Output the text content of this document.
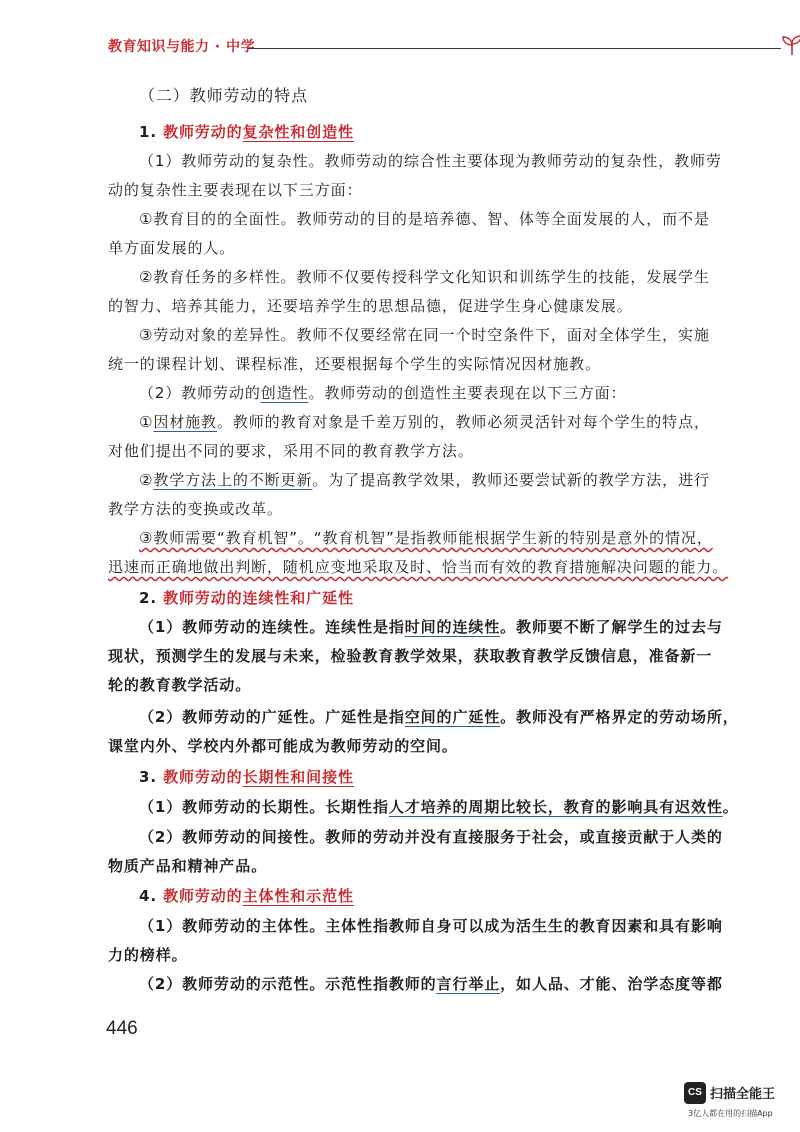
教育知识与能力 · 中学
（二）教师劳动的特点
1. 教师劳动的复杂性和创造性
（1）教师劳动的复杂性。教师劳动的综合性主要体现为教师劳动的复杂性，教师劳
动的复杂性主要表现在以下三方面：
①教育目的的全面性。教师劳动的目的是培养德、智、体等全面发展的人，而不是
单方面发展的人。
②教育任务的多样性。教师不仅要传授科学文化知识和训练学生的技能，发展学生
的智力、培养其能力，还要培养学生的思想品德，促进学生身心健康发展。
③劳动对象的差异性。教师不仅要经常在同一个时空条件下，面对全体学生，实施
统一的课程计划、课程标准，还要根据每个学生的实际情况因材施教。
（2）教师劳动的创造性。教师劳动的创造性主要表现在以下三方面：
①因材施教。教师的教育对象是千差万别的，教师必须灵活针对每个学生的特点，
对他们提出不同的要求，采用不同的教育教学方法。
②教学方法上的不断更新。为了提高教学效果，教师还要尝试新的教学方法，进行
教学方法的变换或改革。
③教师需要“教育机智”。“教育机智”是指教师能根据学生新的特别是意外的情况，
迅速而正确地做出判断，随机应变地采取及时、恰当而有效的教育措施解决问题的能力。
2. 教师劳动的连续性和广延性
（1）教师劳动的连续性。连续性是指时间的连续性。教师要不断了解学生的过去与
现状，预测学生的发展与未来，检验教育教学效果，获取教育教学反馈信息，准备新一
轮的教育教学活动。
（2）教师劳动的广延性。广延性是指空间的广延性。教师没有严格界定的劳动场所，
课堂内外、学校内外都可能成为教师劳动的空间。
3. 教师劳动的长期性和间接性
（1）教师劳动的长期性。长期性指人才培养的周期比较长，教育的影响具有迟效性。
（2）教师劳动的间接性。教师的劳动并没有直接服务于社会，或直接贡献于人类的
物质产品和精神产品。
4. 教师劳动的主体性和示范性
（1）教师劳动的主体性。主体性指教师自身可以成为活生生的教育因素和具有影响
力的榜样。
（2）教师劳动的示范性。示范性指教师的言行举止，如人品、才能、治学态度等都
446
CS 扫描全能王
3亿人都在用的扫描App
